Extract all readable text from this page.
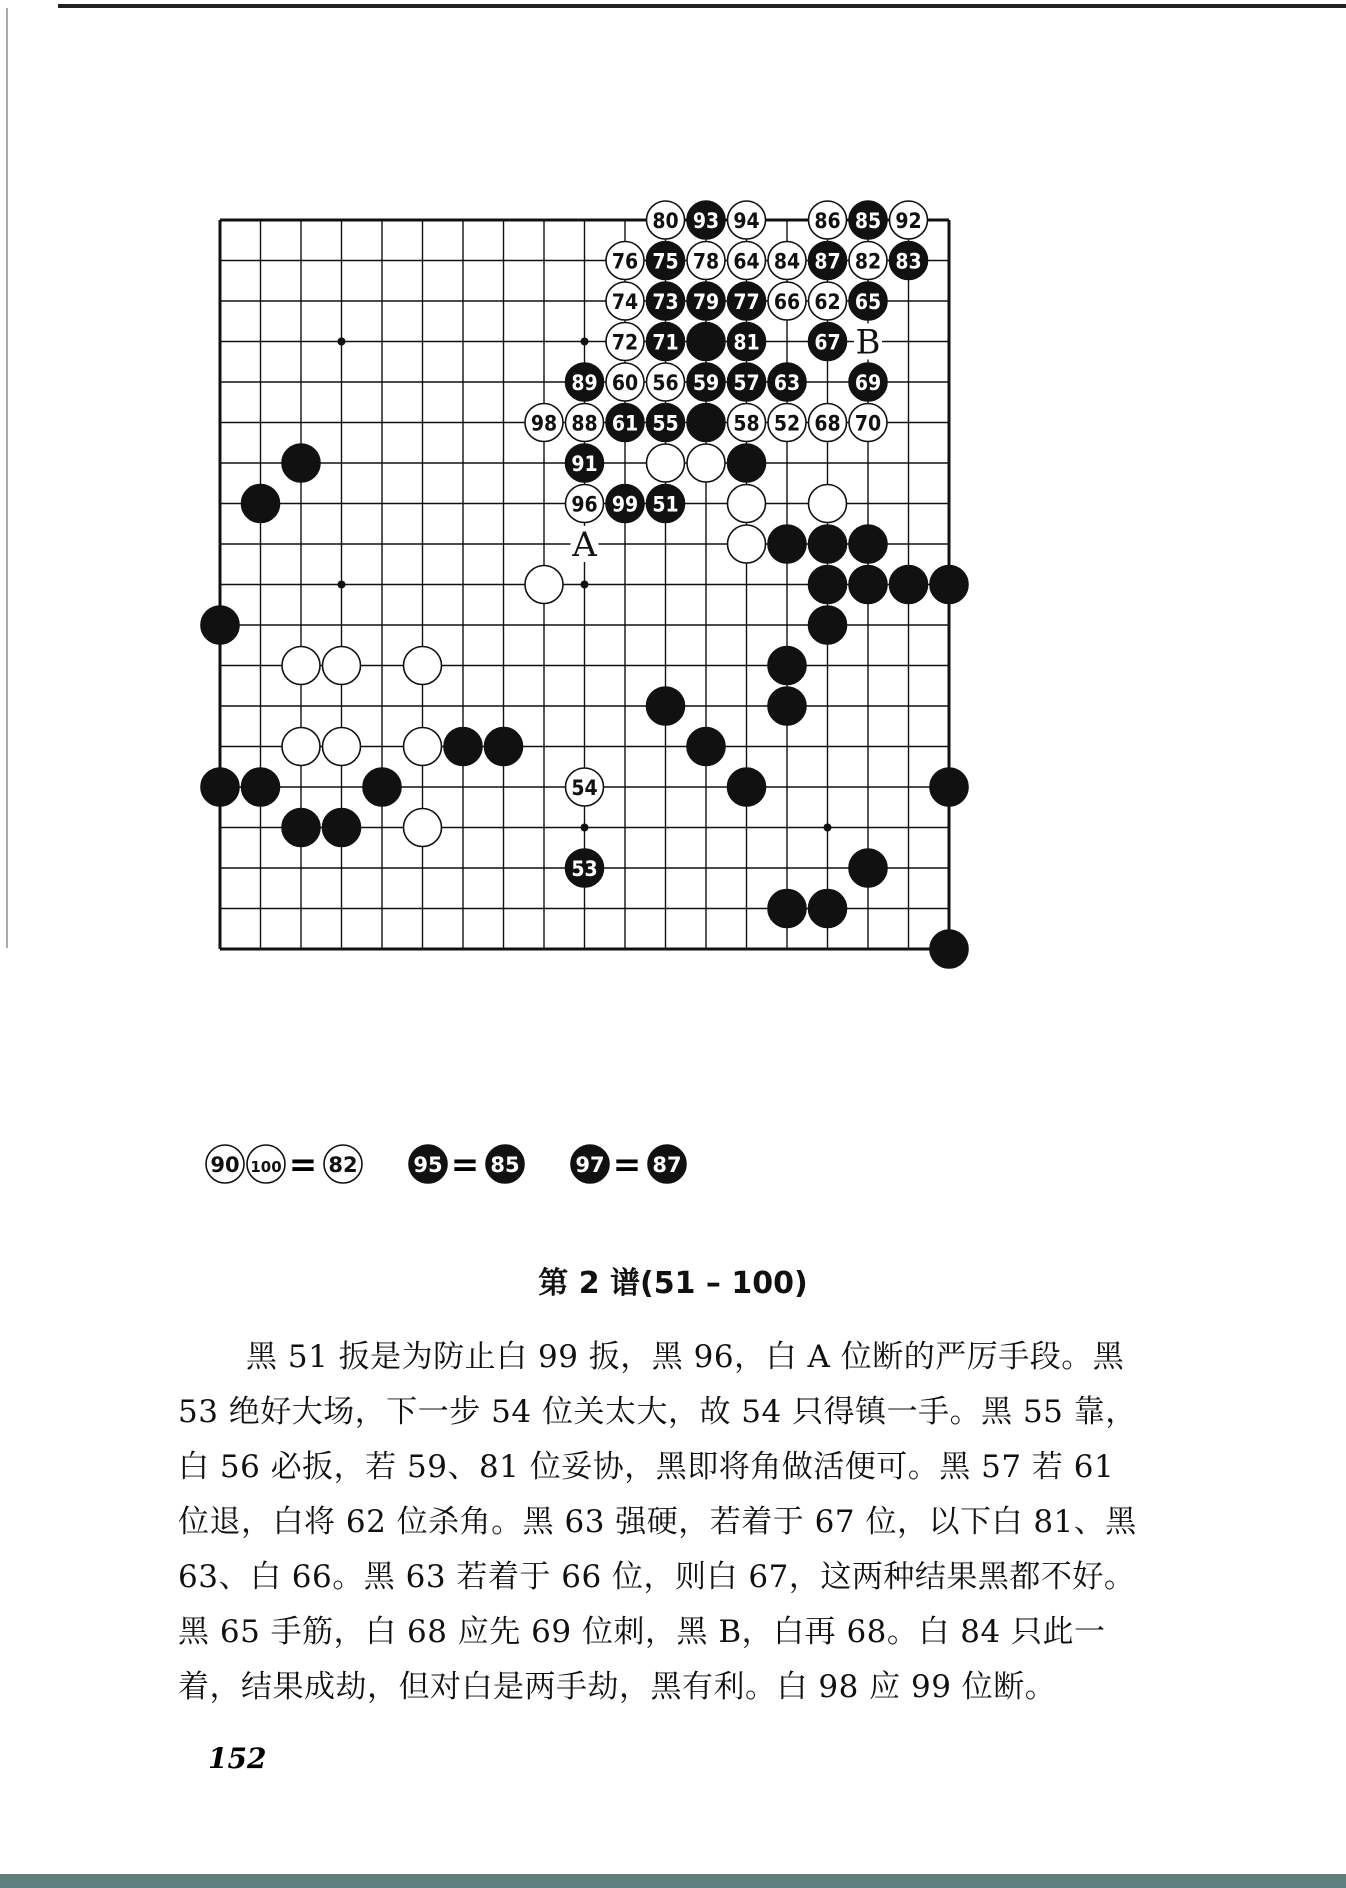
80 93 94	86 85 92
76 75 78 64 84 87 82 83
74 73 79 77 66 62 65
72 71	81	67
89 60 56 59 57 63	69
98 88 61 55	58 52 68 70
91
96 99 51
54
53
A
B
90 100 = 82	95 = 85	97 = 87
第 2 谱(51 – 100)
黑 51 扳是为防止白 99 扳，黑 96，白 A 位断的严厉手段。黑
53 绝好大场，下一步 54 位关太大，故 54 只得镇一手。黑 55 靠，
白 56 必扳，若 59、81 位妥协，黑即将角做活便可。黑 57 若 61
位退，白将 62 位杀角。黑 63 强硬，若着于 67 位，以下白 81、黑
63、白 66。黑 63 若着于 66 位，则白 67，这两种结果黑都不好。
黑 65 手筋，白 68 应先 69 位刺，黑 B，白再 68。白 84 只此一
着，结果成劫，但对白是两手劫，黑有利。白 98 应 99 位断。
152
